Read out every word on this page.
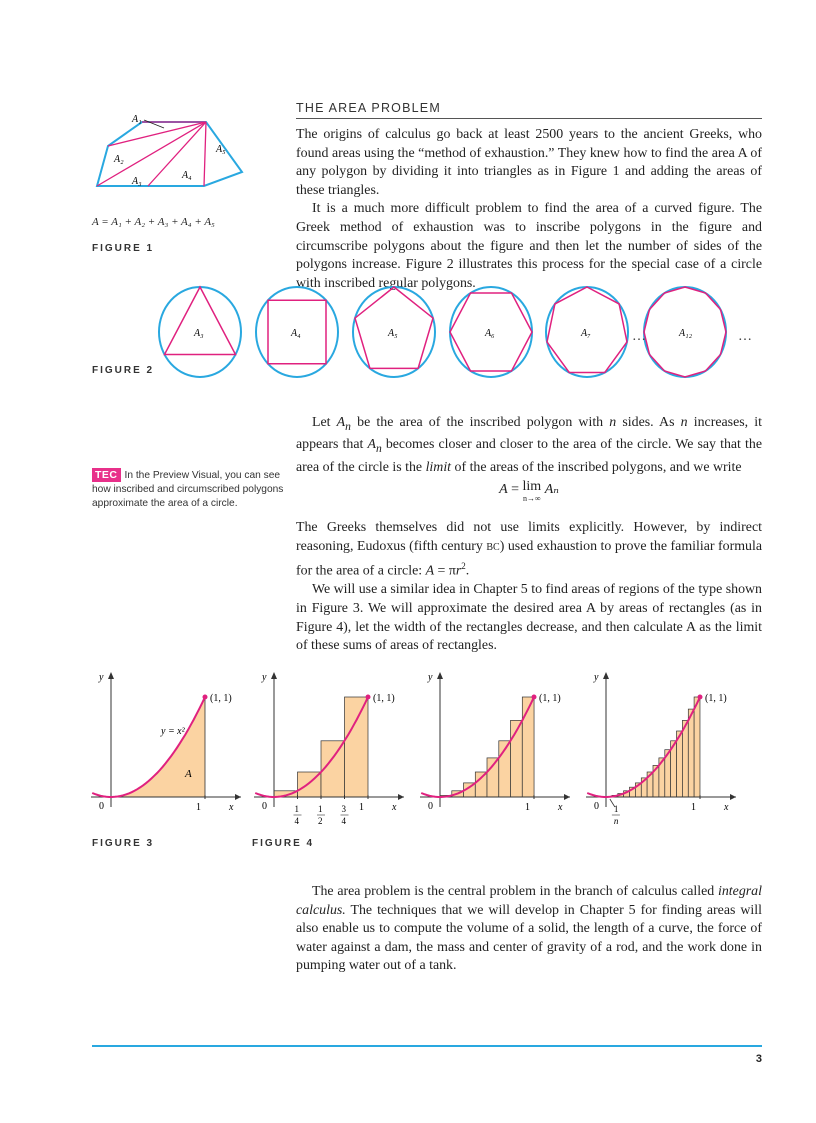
THE AREA PROBLEM

The origins of calculus go back at least 2500 years to the ancient Greeks, who found areas using the “method of exhaustion.” They knew how to find the area A of any polygon by dividing it into triangles as in Figure 1 and adding the areas of these triangles.

It is a much more difficult problem to find the area of a curved figure. The Greek method of exhaustion was to inscribe polygons in the figure and circumscribe polygons about the figure and then let the number of sides of the polygons increase. Figure 2 illustrates this process for the special case of a circle with inscribed regular polygons.

A₁
A₂
A₃
A₄
A₅
A = A₁ + A₂ + A₃ + A₄ + A₅
FIGURE 1
A₃	A₄	A₅	A₆	A₇	A₁₂
…	…
FIGURE 2

Let $A_n$ be the area of the inscribed polygon with n sides. As n increases, it appears that $A_n$ becomes closer and closer to the area of the circle. We say that the area of the circle is the limit of the areas of the inscribed polygons, and we write

TEC In the Preview Visual, you can see how inscribed and circumscribed polygons approximate the area of a circle.
A = lim
n→∞
Aₙ

The Greeks themselves did not use limits explicitly. However, by indirect reasoning, Eudoxus (fifth century BC) used exhaustion to prove the familiar formula for the area of a circle: $A = \pi r^2$.

We will use a similar idea in Chapter 5 to find areas of regions of the type shown in Figure 3. We will approximate the desired area A by areas of rectangles (as in Figure 4), let the width of the rectangles decrease, and then calculate A as the limit of these sums of areas of rectangles.

y
x
0	1
(1, 1)
y = x²
A
y
x
0	1
(1, 1)
1
4
1
2
3
4
y
x
0	1
(1, 1)
y
x
0	1
(1, 1)
1
n
FIGURE 3	FIGURE 4

The area problem is the central problem in the branch of calculus called integral calculus. The techniques that we will develop in Chapter 5 for finding areas will also enable us to compute the volume of a solid, the length of a curve, the force of water against a dam, the mass and center of gravity of a rod, and the work done in pumping water out of a tank.

3
